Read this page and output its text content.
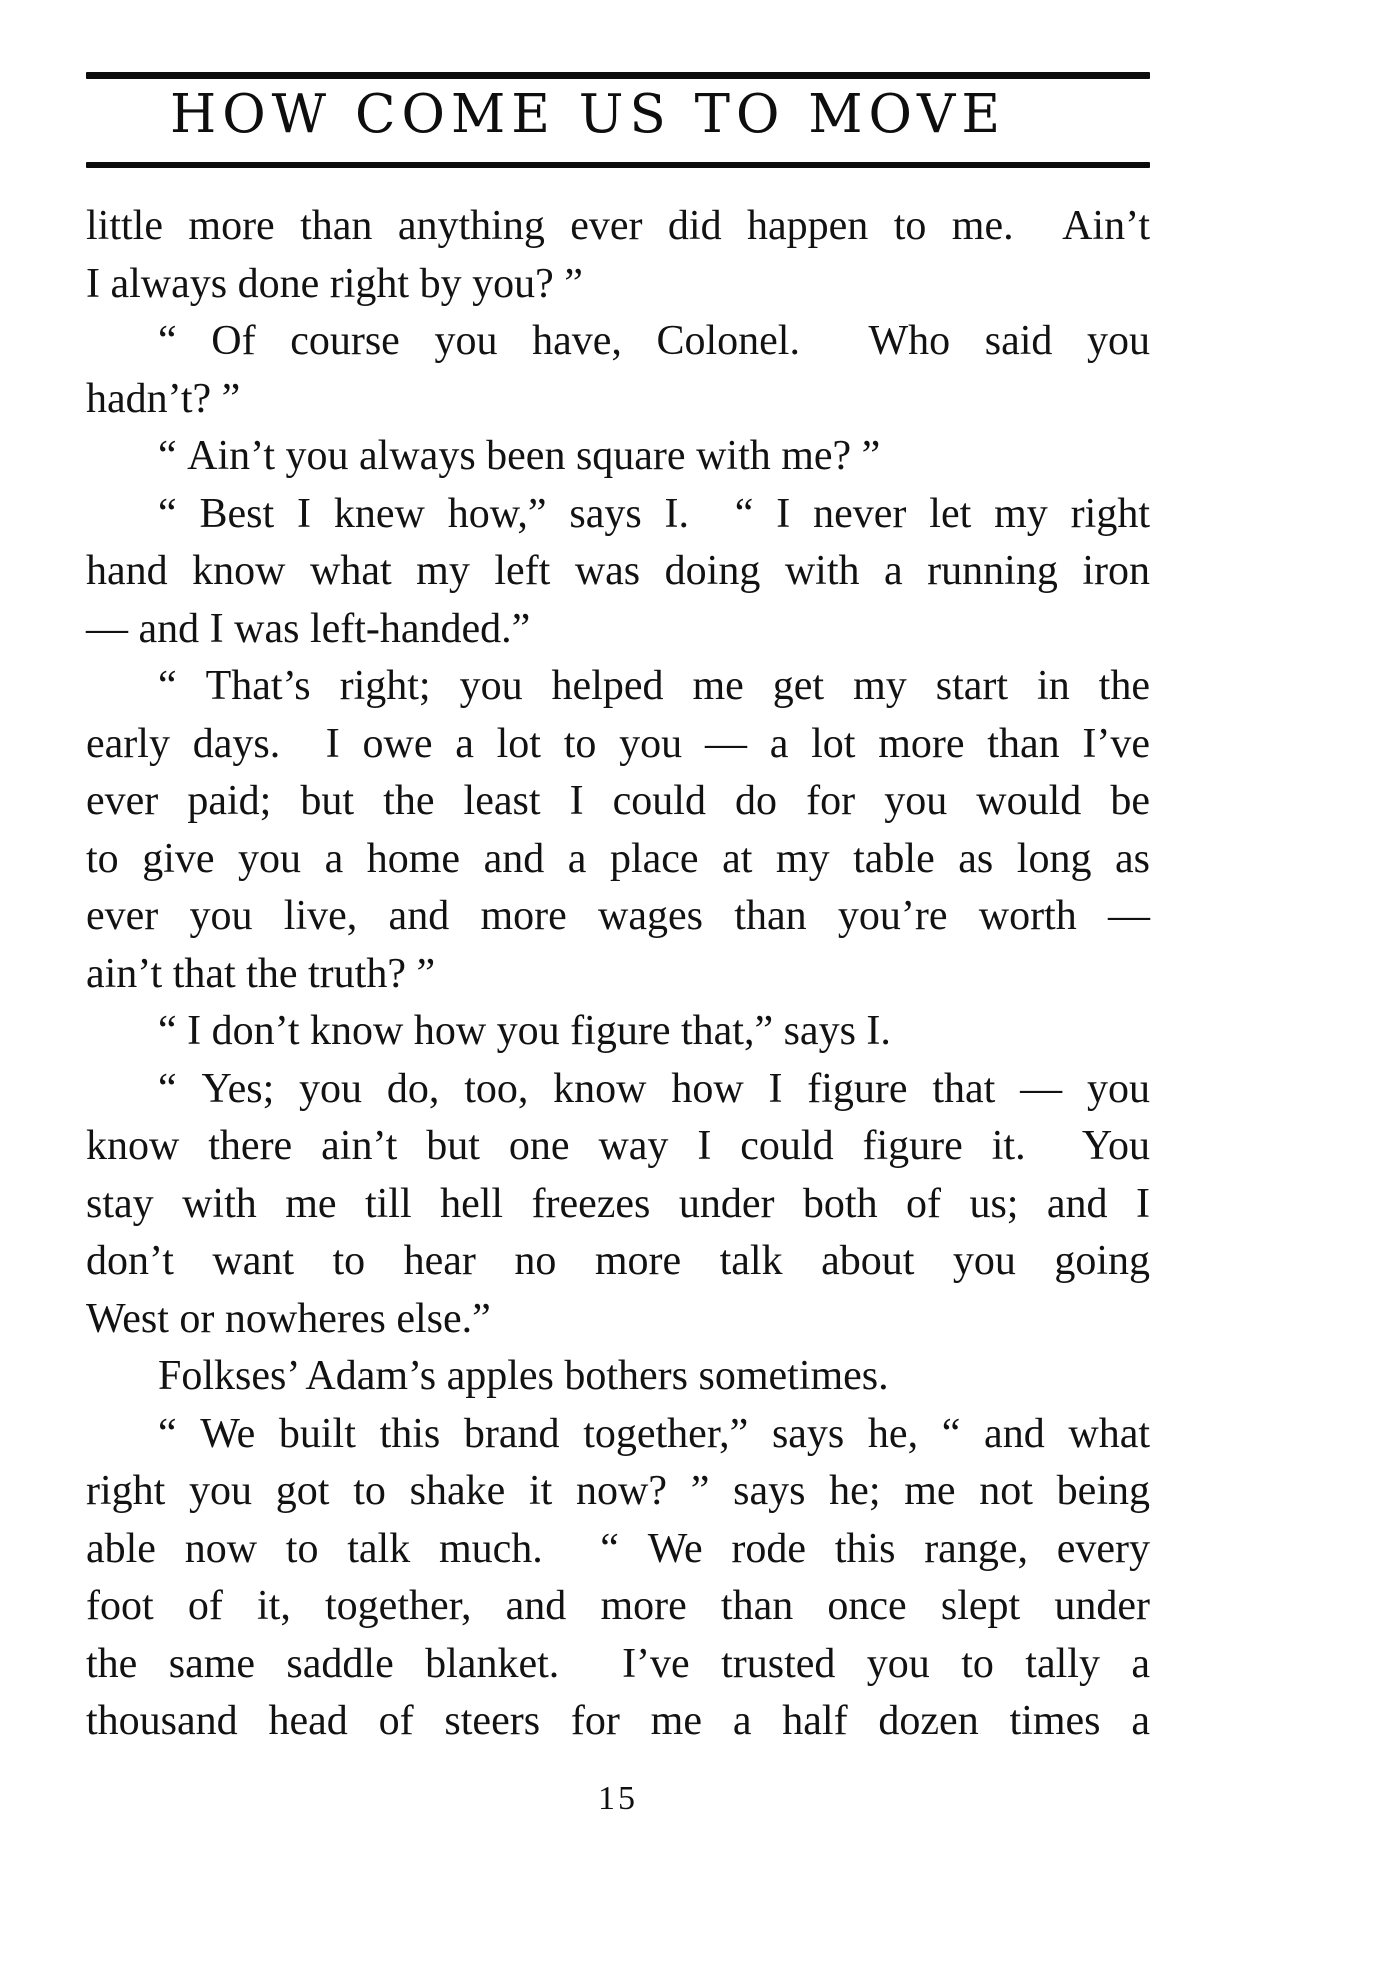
HOW COME US TO MOVE
little more than anything ever did happen to me.  Ain’t
I always done right by you? ”
“ Of course you have, Colonel.  Who said you
hadn’t? ”
“ Ain’t you always been square with me? ”
“ Best I knew how,” says I.  “ I never let my right
hand know what my left was doing with a running iron
— and I was left-handed.”
“ That’s right; you helped me get my start in the
early days.  I owe a lot to you — a lot more than I’ve
ever paid; but the least I could do for you would be
to give you a home and a place at my table as long as
ever you live, and more wages than you’re worth —
ain’t that the truth? ”
“ I don’t know how you figure that,” says I.
“ Yes; you do, too, know how I figure that — you
know there ain’t but one way I could figure it.  You
stay with me till hell freezes under both of us; and I
don’t want to hear no more talk about you going
West or nowheres else.”
Folkses’ Adam’s apples bothers sometimes.
“ We built this brand together,” says he, “ and what
right you got to shake it now? ” says he; me not being
able now to talk much.  “ We rode this range, every
foot of it, together, and more than once slept under
the same saddle blanket.  I’ve trusted you to tally a
thousand head of steers for me a half dozen times a
15
